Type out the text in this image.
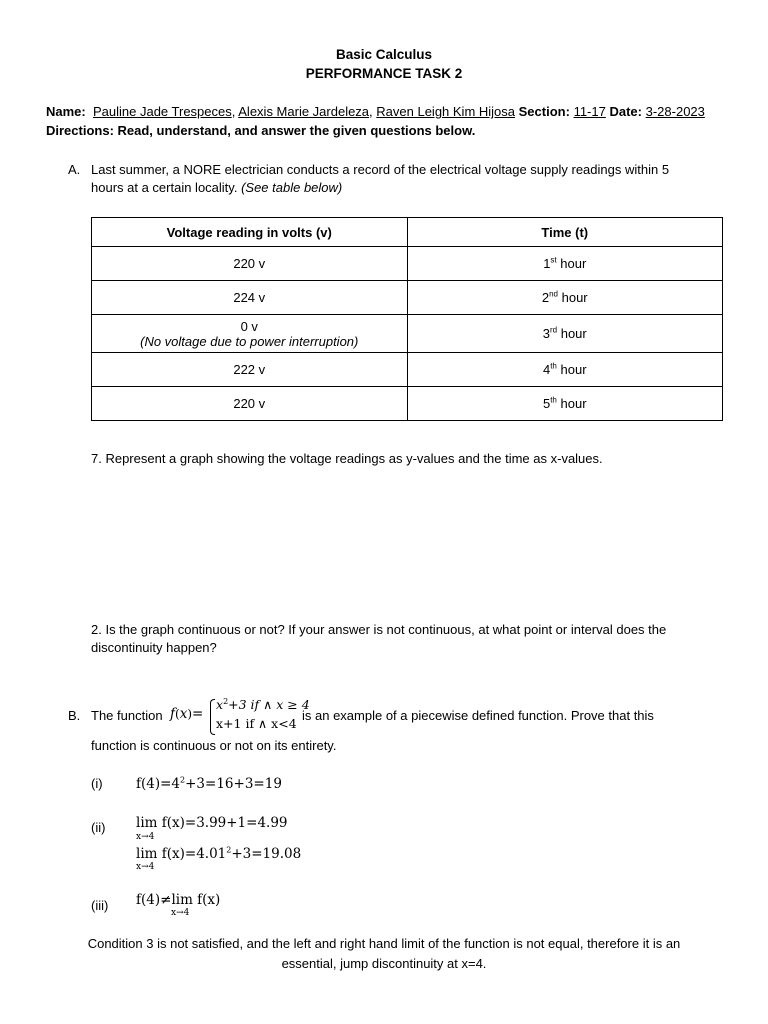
Basic Calculus
PERFORMANCE TASK 2
Name: Pauline Jade Trespeces, Alexis Marie Jardeleza, Raven Leigh Kim Hijosa Section: 11-17 Date: 3-28-2023
Directions: Read, understand, and answer the given questions below.
A. Last summer, a NORE electrician conducts a record of the electrical voltage supply readings within 5
hours at a certain locality. (See table below)
Voltage reading in volts (v)	Time (t)
220 v	1st hour
224 v	2nd hour

0 v
(No voltage due to power interruption)	3rd hour
222 v	4th hour
220 v	5th hour
7. Represent a graph showing the voltage readings as y-values and the time as x-values.
2. Is the graph continuous or not? If your answer is not continuous, at what point or interval does the
discontinuity happen?
B. The function f(x)=
$x^2+3$ if ∧ x ≥ 4
x+1 if ∧ x<4
is an example of a piecewise defined function. Prove that this
function is continuous or not on its entirety.
(i) $f(4)=4^2+3=16+3=19$
(ii) lim f(x)=3.99+1=4.99
x→4
$\lim f(x)=4.01^2+3=19.08$
x→4
(iii) f(4)≠lim f(x)
x→4
Condition 3 is not satisfied, and the left and right hand limit of the function is not equal, therefore it is an
essential, jump discontinuity at x=4.
